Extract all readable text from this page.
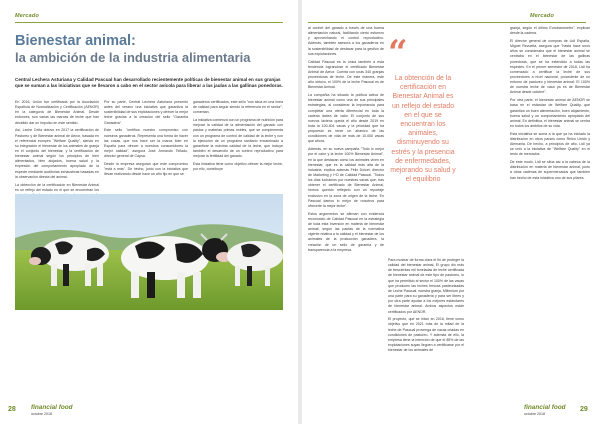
Mercado
Bienestar animal:
la ambición de la industria alimentaria

Central Lechera Asturiana y Calidad Pascual han desarrollado recientemente políticas de bienestar animal en sus granjas que se suman a las iniciativas que se llevaron a cabo en el sector avícola para liberar a las jaulas a las gallinas ponedoras.

En 2016, Unión fue certificada por la Asociación Española de Normalización y Certificación (AENOR) en la categoría de Bienestar Animal. Desde entonces, son varias las marcas de leche que han decidido dar un impulso en este sentido.

Así, Leche Celta obtuvo en 2017 la certificación de Pastoreo y de Bienestar animal de Aenor, basada en el referencial europeo "Welfare Quality", siendo en su integración el bienestar de los animales de granja en el conjunto del bienestar, y la certificación de bienestar animal según los principios de bien alimentados, bien alojados, buena salud y la expresión del comportamiento apropiado de la especie mediante auditorías exhaustivas basadas en la observación directa del animal.

La obtención de la certificación en Bienestar Animal es un reflejo del estado en el que se encuentran los

Por su parte, Central Lechera Asturiana presentó antes del verano una iniciativa que garantiza la sostenibilidad de sus explotaciones y ofrecer la mejor leche gracias a la creación del sello "Garantía Ganadera".

Este sello "certifica nuestro compromiso con nuestros ganaderos. Representa una forma de hacer las cosas, que nos hace ser la marca líder en España para ofrecer a nuestros consumidores la mejor calidad", asegura José Armando Tellado, director general de Capsa.

Desde la empresa aseguran que este compromiso "está a más". De hecho, junto con la iniciativa que llevan realizando desde hace un año fijo en que se

ganaderos certificados, este sello "nos sitúa en una línea de calidad para seguir siendo la referencia en el sector", comentan.

La iniciativa comienza con un programa de nutrición para mejorar la calidad de la alimentación del ganado con pastos y materias primas nobles, que se complementa con un programa de control de calidad de la leche y con la ejecución de un programa sanitario encaminado a garantizar la máxima calidad de la leche, que incluye también el desarrollo de un control reproductivo para mejorar la fertilidad del ganado.

Esta iniciativa tiene como objetivo ofrecer la mejor leche, por ello, contribuye

financial food
octubre 2018
28
Mercado

al confort del ganado a través de una buena alimentación natural, facilitando cierto esfuerzo y aprovechando el control reproductivo. Además, también asesora a los ganaderos en la sostenibilidad de destacar para la gestión de sus explotaciones.

Calidad Pascual es la única también a esta tendencia lograndose el certificado Bienestar Animal de Aenor. Cuenta con unas 340 granjas proveedoras de leche. De este manera, este año obtuvo, el 100% de la leche Pascual es de Bienestar Animal.

La compañía ha situado la política activa de bienestar animal como una de sus principales estrategias, al considerar la importancia para completar una oferta diferencial en toda la cadena láctea de valor. El conjunto de sus nuevos lácteos queda el año desde 2019 en toda la 100.404 vacas y la prioridad que ha propuesto es tener un abanico de las condiciones de vida de más de 10.000 vacas que ahora.

Además, en su nueva campaña "Todo lo mejor por el calor y la leche 100% Bienestar Animal", en la que destacan cómo los animales viven en bienestar, que es la calidad más alta de la industria, explica además Félix Dolcet, director de Marketing y I+D de Calidad Pascual. "Todos los días luchamos por nuestras vacas que, tras obtener el certificado de Bienestar Animal, hemos querido reflejarlo con un reportaje exclusivo en la zona de origen de la leche. En Pascual damos lo mejor de nosotros para ofrecerte la mejor leche".

Estos argumentos se afirman con evidencia reconocido de Calidad Pascual en la estrategia de toda esta inversión en materia de bienestar animal, según las pautas de la normativa vigente relativa a la calidad y el bienestar de los animales de la producción ganadera, la creación de un sello de garantía y de transparencia a la empresa.

“
La obtención de la certificación en Bienestar Animal es un reflejo del estado en el que se encuentran los animales, disminuyendo su estrés y la presencia de enfermedades, mejorando su salud y el equilibrio

Para mostrar de forma clara el fin de proteger la calidad del bienestar animal, El grupo dio más de trescientas mil toneladas de leche certificada de bienestar animal de este tipo de pastoreo, lo que ha permitido al sector el 100% de las vacas que producen las leches frescas pasteurizadas de Leche Pascual, nuestra granja, Millenium por una parte para su ganadería y para ser libres y por otra parte ayudar a los mejores estándares de bienestar animal. Ambos aspectos están certificados por AENOR.

El proyecto, que se inició en 2016, tiene como objetivo que en 2021 más de la mitad de la leche de Pascual provenga de vacas criadas en condiciones de pastoreo. Y además de ello, la empresa tiene la intención de que el 85% de las explotaciones suyas lleguen a certificarse por el bienestar de los animales de

granja, según el último Eurobarómetro", explican desde la cadena.

El director general de compras de Lidl España, Miguel Revuelta, asegura que "hasta hace unos años se consideraba que el bienestar animal se centraba en el bienestar de las gallinas ponedoras, que se ha extendido a todas las especies. En el primer semestre de 2018, Lidl ha comenzado a certificar la leche de sus proveedores a nivel nacional, procedente de un entorno de pastoreo y bienestar animal. El 100% de nuestra leche de vaca ya es de Bienestar Animal desde octubre".

Por otra parte, el bienestar animal de AENOR se basa en el estándar de Welfare Quality, que garantiza un buen alimentación, buen alojamiento, buena salud y un comportamiento apropiado del animal. En definitiva, el bienestar animal se centra en todos los ámbitos de su vida.

Esta iniciativa se suma a la que ya ha iniciado la distribución en otros países como Reino Unido y Alemania. De hecho, a principios de año, Lidl ya se unió a la iniciativa de "Welfare Quality" en el resto de mercados.

De este modo, Lidl se sitúa así a la cabeza de la distribución en materia de bienestar animal, junto a otras cadenas de supermercados que también han hecho de esta iniciativa uno de sus pilares.

financial food
octubre 2018
29
